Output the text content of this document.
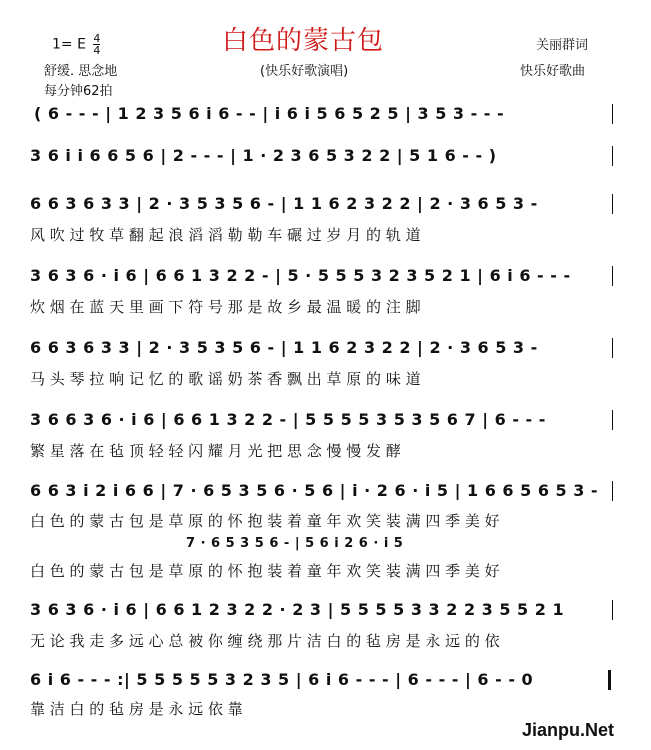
1= E $\frac{4}{4}$	白色的蒙古包	关丽群词
舒缓. 思念地	(快乐好歌演唱)	快乐好歌曲
每分钟62拍
( 6 - - - | 1 2 3 5 6 i 6 - - | i 6 i 5 6 5 2 5 | 3 5 3 - - -
3 6 i i 6 6 5 6 | 2 - - - | 1 · 2 3 6 5 3 2 2 | 5 1 6 - - )
6 6 3 6 3 3 | 2 · 3 5 3 5 6 - | 1 1 6 2 3 2 2 | 2 · 3 6 5 3 -
风 吹 过 牧 草 翻 起 浪 滔 滔 勒 勒 车 碾 过 岁 月 的 轨 道
3 6 3 6 · i 6 | 6 6 1 3 2 2 - | 5 · 5 5 5 3 2 3 5 2 1 | 6 i 6 - - -
炊 烟 在 蓝 天 里 画 下 符 号 那 是 故 乡 最 温 暖 的 注 脚
6 6 3 6 3 3 | 2 · 3 5 3 5 6 - | 1 1 6 2 3 2 2 | 2 · 3 6 5 3 -
马 头 琴 拉 响 记 忆 的 歌 谣 奶 茶 香 飘 出 草 原 的 味 道
3 6 6 3 6 · i 6 | 6 6 1 3 2 2 - | 5 5 5 5 3 5 3 5 6 7 | 6 - - -
繁 星 落 在 毡 顶 轻 轻 闪 耀 月 光 把 思 念 慢 慢 发 酵
6 6 3 i 2 i 6 6 | 7 · 6 5 3 5 6 · 5 6 | i · 2 6 · i 5 | 1 6 6 5 6 5 3 -
白 色 的 蒙 古 包 是 草 原 的 怀 抱 装 着 童 年 欢 笑 装 满 四 季 美 好
7 · 6 5 3 5 6 - | 5 6 i 2 6 · i 5
白 色 的 蒙 古 包 是 草 原 的 怀 抱 装 着 童 年 欢 笑 装 满 四 季 美 好
3 6 3 6 · i 6 | 6 6 1 2 3 2 2 · 2 3 | 5 5 5 5 3 3 2 2 3 5 5 2 1
无 论 我 走 多 远 心 总 被 你 缠 绕 那 片 洁 白 的 毡 房 是 永 远 的 依
6 i 6 - - - :| 5 5 5 5 5 3 2 3 5 | 6 i 6 - - - | 6 - - - | 6 - - 0
靠 洁 白 的 毡 房 是 永 远 依 靠
Jianpu.Net
